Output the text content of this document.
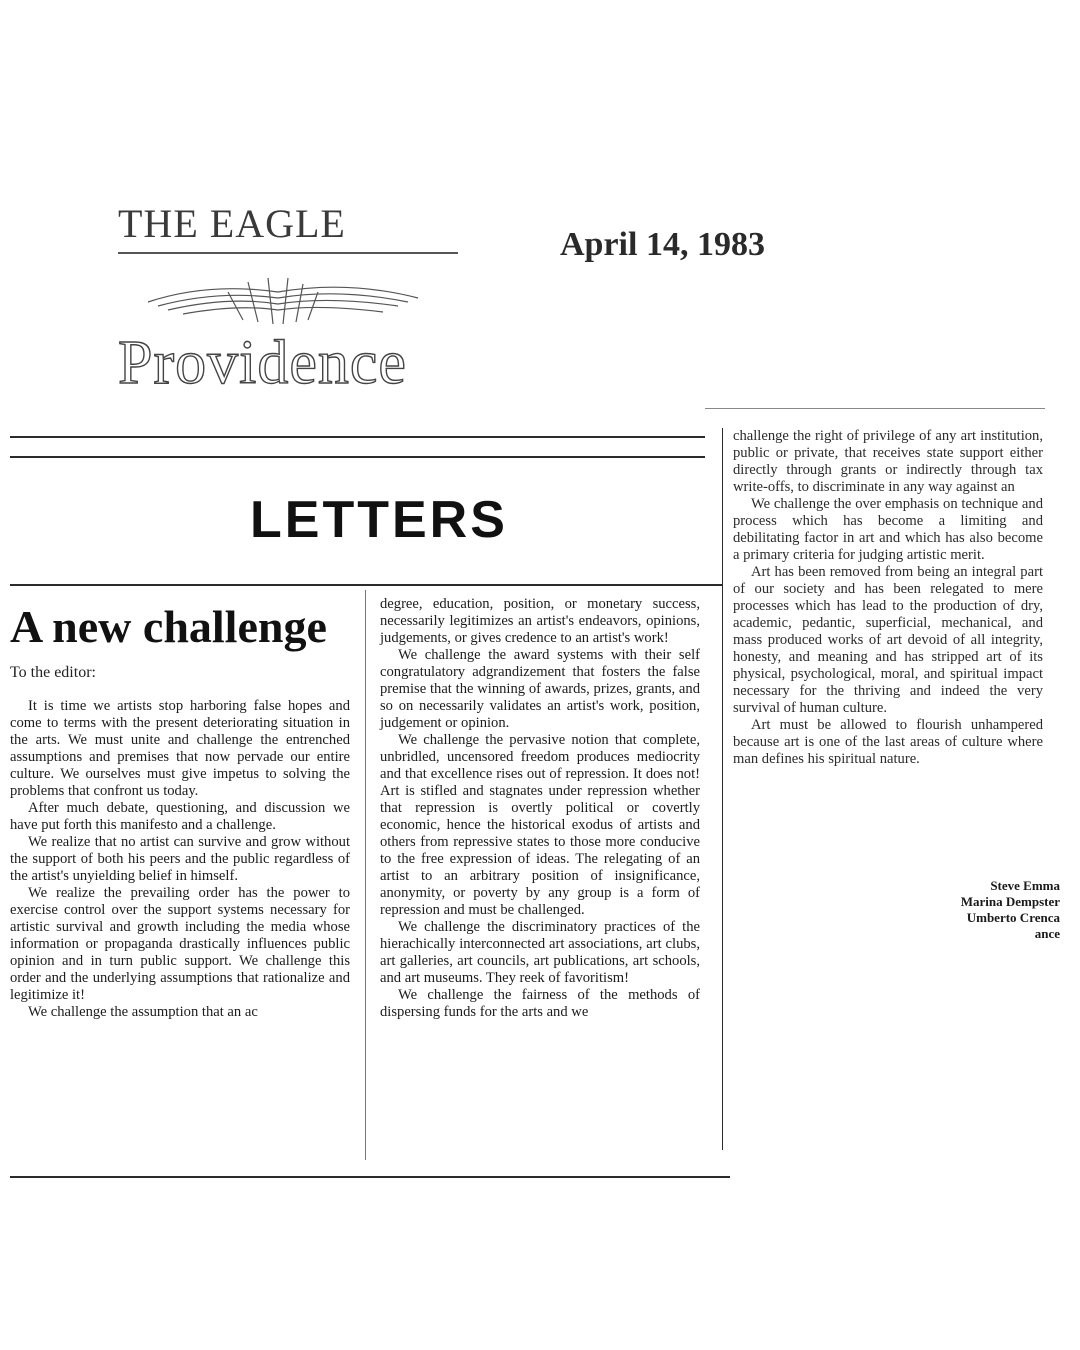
THE EAGLE
Providence
April 14, 1983
LETTERS
A new challenge
To the editor:

It is time we artists stop harboring false hopes and come to terms with the present deteriorating situation in the arts. We must unite and challenge the entrenched assumptions and premises that now pervade our entire culture. We ourselves must give impetus to solving the problems that confront us today.

After much debate, questioning, and discussion we have put forth this manifesto and a challenge.

We realize that no artist can survive and grow without the support of both his peers and the public regardless of the artist's unyielding belief in himself.

We realize the prevailing order has the power to exercise control over the support systems necessary for artistic survival and growth including the media whose information or propaganda drastically influences public opinion and in turn public support. We challenge this order and the underlying assumptions that rationalize and legitimize it!

We challenge the assumption that an ac

degree, education, position, or monetary success, necessarily legitimizes an artist's endeavors, opinions, judgements, or gives credence to an artist's work!

We challenge the award systems with their self congratulatory adgrandizement that fosters the false premise that the winning of awards, prizes, grants, and so on necessarily validates an artist's work, position, judgement or opinion.

We challenge the pervasive notion that complete, unbridled, uncensored freedom produces mediocrity and that excellence rises out of repression. It does not! Art is stifled and stagnates under repression whether that repression is overtly political or covertly economic, hence the historical exodus of artists and others from repressive states to those more conducive to the free expression of ideas. The relegating of an artist to an arbitrary position of insignificance, anonymity, or poverty by any group is a form of repression and must be challenged.

We challenge the discriminatory practices of the hierachically interconnected art associations, art clubs, art galleries, art councils, art publications, art schools, and art museums. They reek of favoritism!

We challenge the fairness of the methods of dispersing funds for the arts and we

challenge the right of privilege of any art institution, public or private, that receives state support either directly through grants or indirectly through tax write-offs, to discriminate in any way against an

We challenge the over emphasis on technique and process which has become a limiting and debilitating factor in art and which has also become a primary criteria for judging artistic merit.

Art has been removed from being an integral part of our society and has been relegated to mere processes which has lead to the production of dry, academic, pedantic, superficial, mechanical, and mass produced works of art devoid of all integrity, honesty, and meaning and has stripped art of its physical, psychological, moral, and spiritual impact necessary for the thriving and indeed the very survival of human culture.

Art must be allowed to flourish unhampered because art is one of the last areas of culture where man defines his spiritual nature.

Steve Emma
Marina Dempster
Umberto Crenca
ance
